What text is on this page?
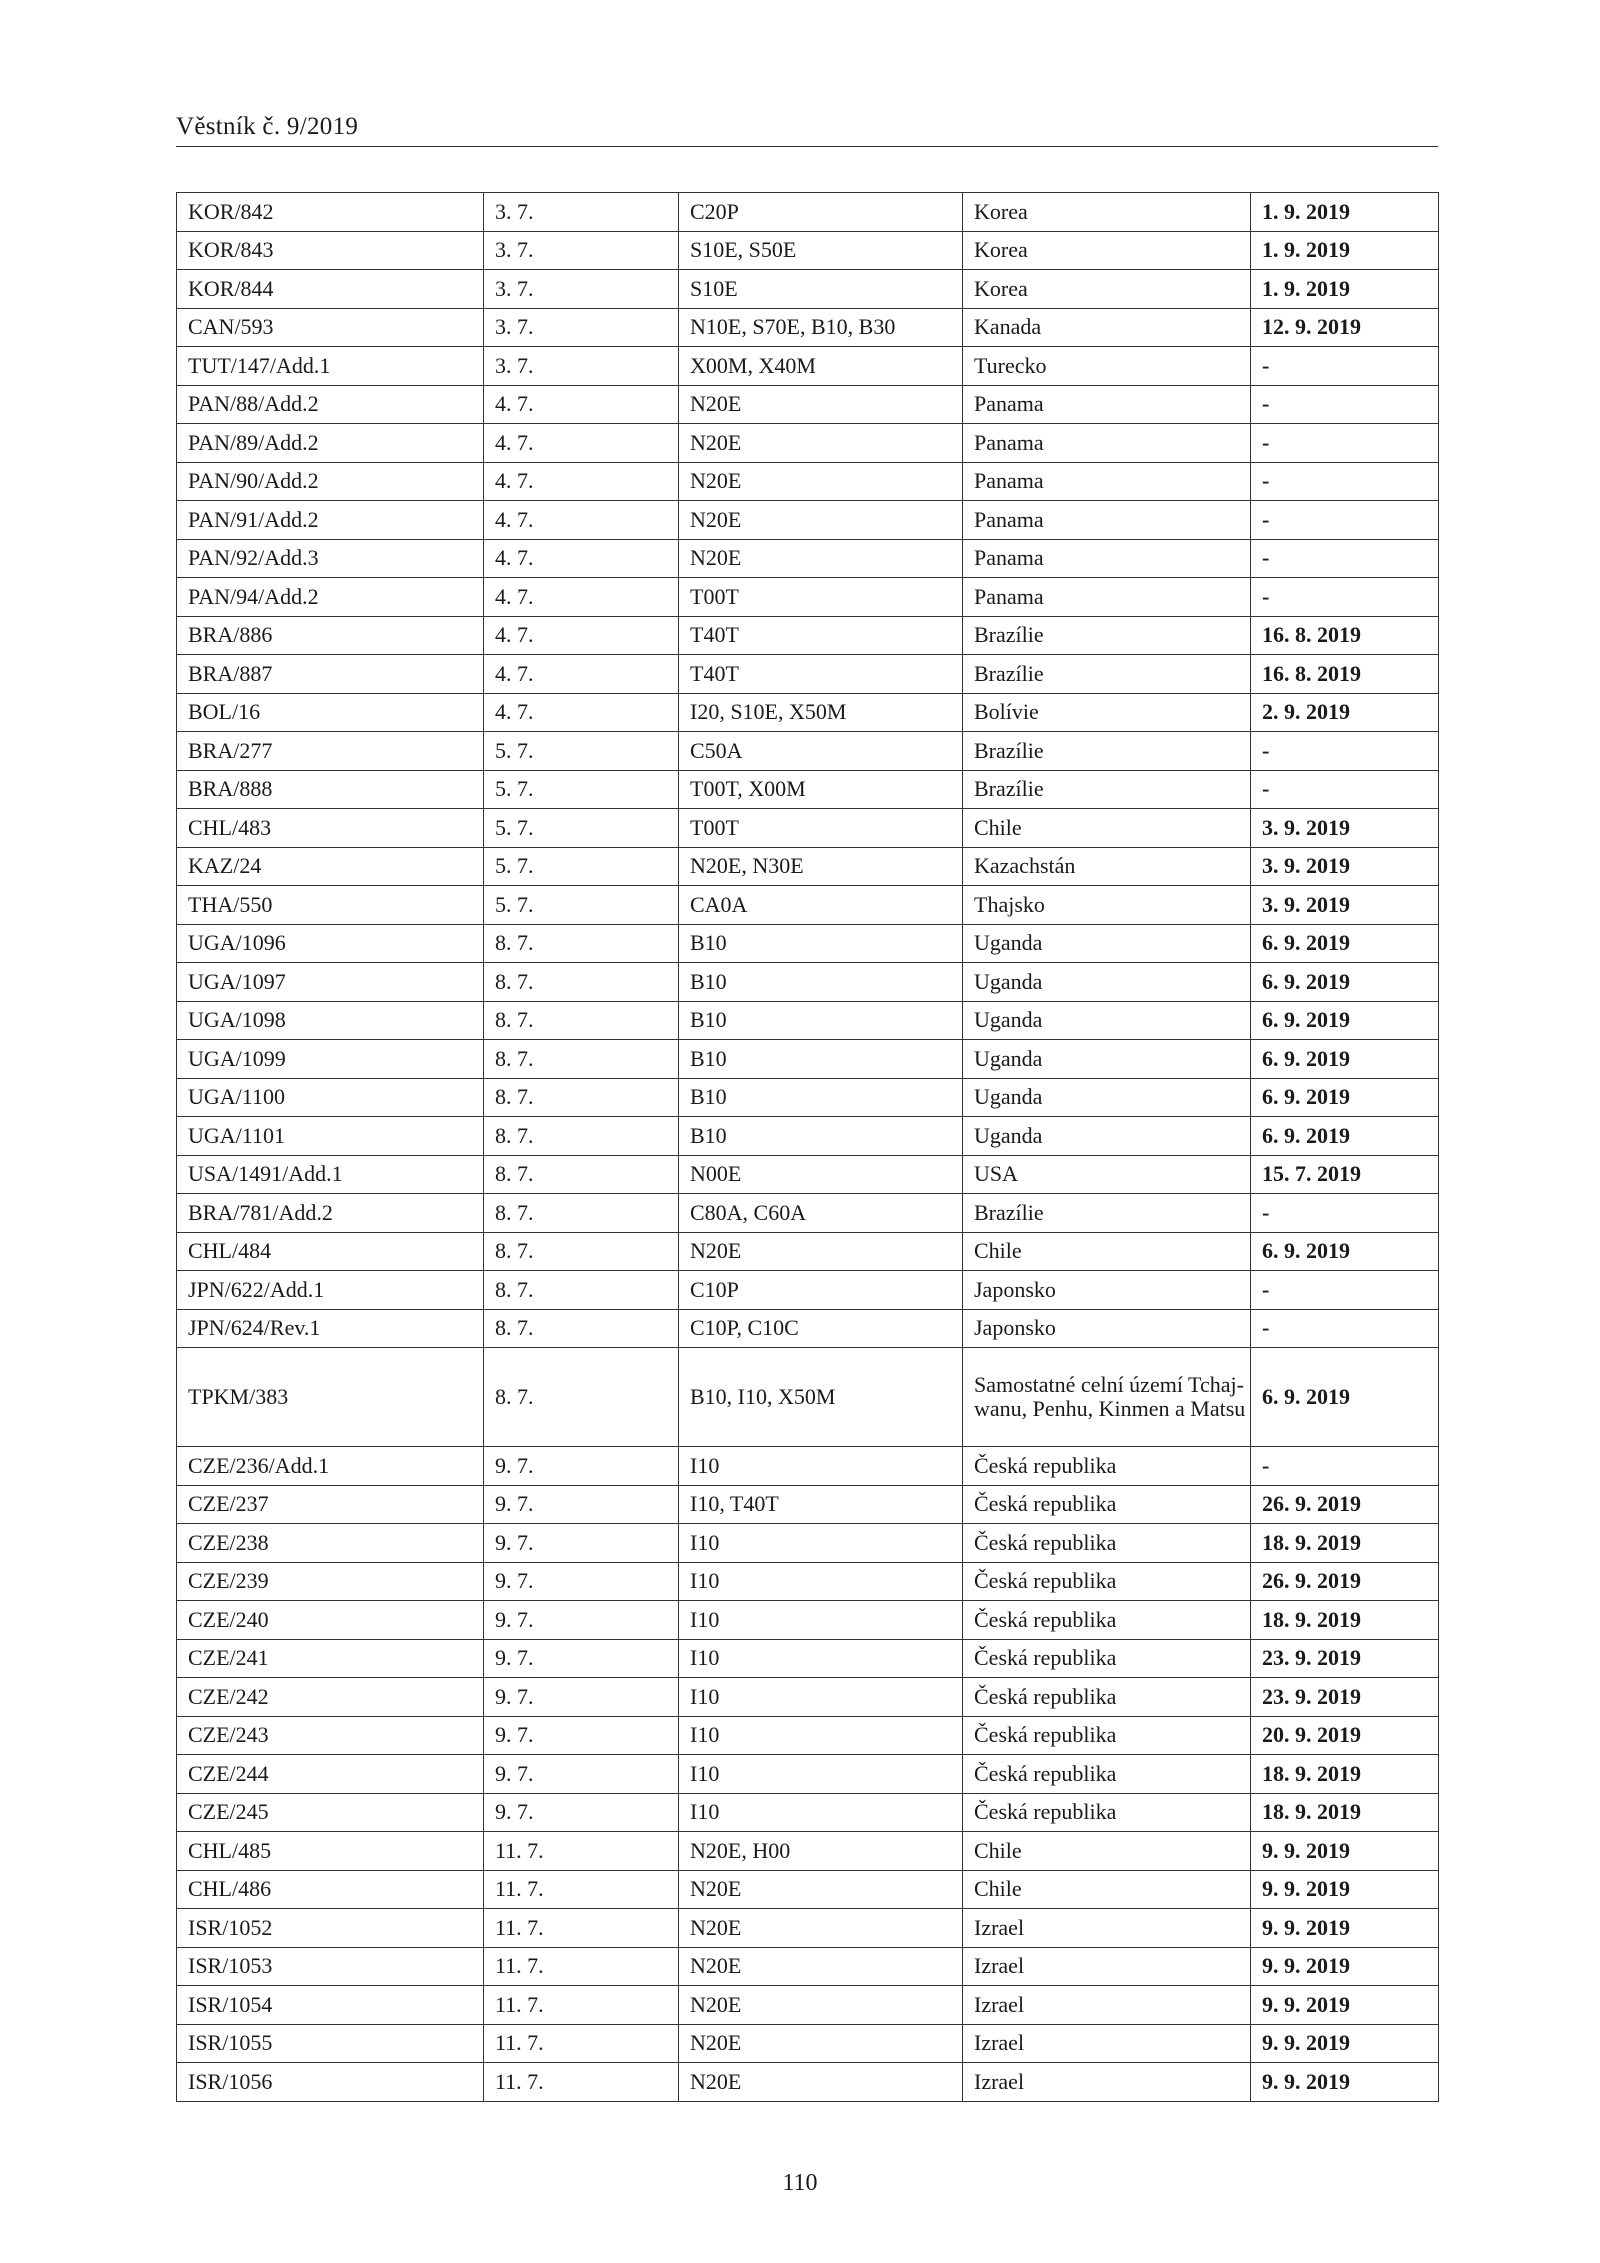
Věstník č. 9/2019
KOR/842	3. 7.	C20P	Korea	1. 9. 2019
KOR/843	3. 7.	S10E, S50E	Korea	1. 9. 2019
KOR/844	3. 7.	S10E	Korea	1. 9. 2019
CAN/593	3. 7.	N10E, S70E, B10, B30	Kanada	12. 9. 2019
TUT/147/Add.1	3. 7.	X00M, X40M	Turecko	-
PAN/88/Add.2	4. 7.	N20E	Panama	-
PAN/89/Add.2	4. 7.	N20E	Panama	-
PAN/90/Add.2	4. 7.	N20E	Panama	-
PAN/91/Add.2	4. 7.	N20E	Panama	-
PAN/92/Add.3	4. 7.	N20E	Panama	-
PAN/94/Add.2	4. 7.	T00T	Panama	-
BRA/886	4. 7.	T40T	Brazílie	16. 8. 2019
BRA/887	4. 7.	T40T	Brazílie	16. 8. 2019
BOL/16	4. 7.	I20, S10E, X50M	Bolívie	2. 9. 2019
BRA/277	5. 7.	C50A	Brazílie	-
BRA/888	5. 7.	T00T, X00M	Brazílie	-
CHL/483	5. 7.	T00T	Chile	3. 9. 2019
KAZ/24	5. 7.	N20E, N30E	Kazachstán	3. 9. 2019
THA/550	5. 7.	CA0A	Thajsko	3. 9. 2019
UGA/1096	8. 7.	B10	Uganda	6. 9. 2019
UGA/1097	8. 7.	B10	Uganda	6. 9. 2019
UGA/1098	8. 7.	B10	Uganda	6. 9. 2019
UGA/1099	8. 7.	B10	Uganda	6. 9. 2019
UGA/1100	8. 7.	B10	Uganda	6. 9. 2019
UGA/1101	8. 7.	B10	Uganda	6. 9. 2019
USA/1491/Add.1	8. 7.	N00E	USA	15. 7. 2019
BRA/781/Add.2	8. 7.	C80A, C60A	Brazílie	-
CHL/484	8. 7.	N20E	Chile	6. 9. 2019
JPN/622/Add.1	8. 7.	C10P	Japonsko	-
JPN/624/Rev.1	8. 7.	C10P, C10C	Japonsko	-
TPKM/383	8. 7.	B10, I10, X50M	Samostatné celní území Tchaj-wanu, Penhu, Kinmen a Matsu	6. 9. 2019
CZE/236/Add.1	9. 7.	I10	Česká republika	-
CZE/237	9. 7.	I10, T40T	Česká republika	26. 9. 2019
CZE/238	9. 7.	I10	Česká republika	18. 9. 2019
CZE/239	9. 7.	I10	Česká republika	26. 9. 2019
CZE/240	9. 7.	I10	Česká republika	18. 9. 2019
CZE/241	9. 7.	I10	Česká republika	23. 9. 2019
CZE/242	9. 7.	I10	Česká republika	23. 9. 2019
CZE/243	9. 7.	I10	Česká republika	20. 9. 2019
CZE/244	9. 7.	I10	Česká republika	18. 9. 2019
CZE/245	9. 7.	I10	Česká republika	18. 9. 2019
CHL/485	11. 7.	N20E, H00	Chile	9. 9. 2019
CHL/486	11. 7.	N20E	Chile	9. 9. 2019
ISR/1052	11. 7.	N20E	Izrael	9. 9. 2019
ISR/1053	11. 7.	N20E	Izrael	9. 9. 2019
ISR/1054	11. 7.	N20E	Izrael	9. 9. 2019
ISR/1055	11. 7.	N20E	Izrael	9. 9. 2019
ISR/1056	11. 7.	N20E	Izrael	9. 9. 2019
110
